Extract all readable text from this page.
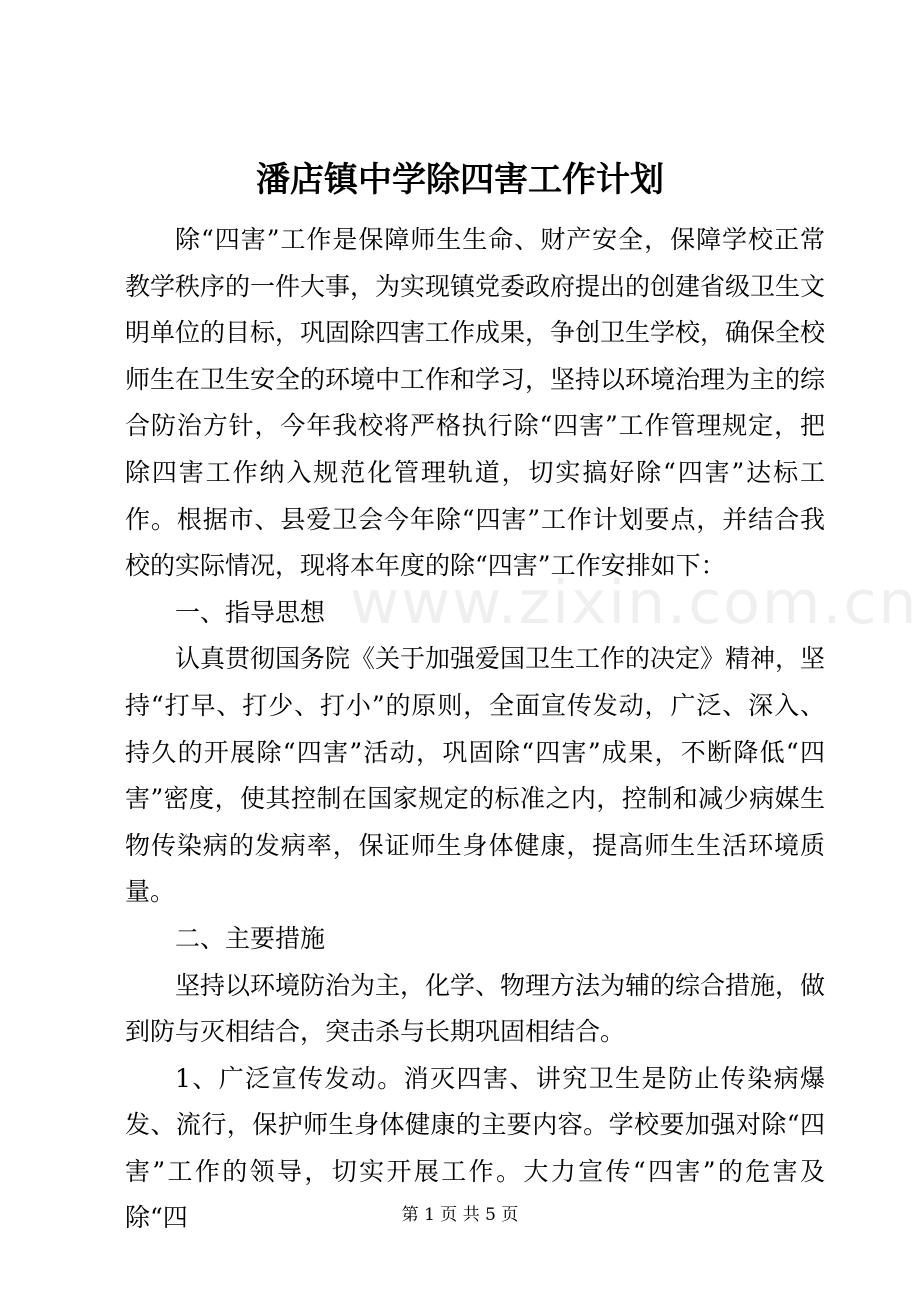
潘店镇中学除四害工作计划

除“四害”工作是保障师生生命、财产安全，保障学校正常教学秩序的一件大事，为实现镇党委政府提出的创建省级卫生文明单位的目标，巩固除四害工作成果，争创卫生学校，确保全校师生在卫生安全的环境中工作和学习，坚持以环境治理为主的综合防治方针，今年我校将严格执行除“四害”工作管理规定，把除四害工作纳入规范化管理轨道，切实搞好除“四害”达标工作。根据市、县爱卫会今年除“四害”工作计划要点，并结合我校的实际情况，现将本年度的除“四害”工作安排如下：

一、指导思想

认真贯彻国务院《关于加强爱国卫生工作的决定》精神，坚持“打早、打少、打小”的原则，全面宣传发动，广泛、深入、持久的开展除“四害”活动，巩固除“四害”成果，不断降低“四害”密度，使其控制在国家规定的标准之内，控制和减少病媒生物传染病的发病率，保证师生身体健康，提高师生生活环境质量。

二、主要措施

坚持以环境防治为主，化学、物理方法为辅的综合措施，做到防与灭相结合，突击杀与长期巩固相结合。

1、广泛宣传发动。消灭四害、讲究卫生是防止传染病爆发、流行，保护师生身体健康的主要内容。学校要加强对除“四害”工作的领导，切实开展工作。大力宣传“四害”的危害及除“四

www.zixin.com.cn
第 1 页 共 5 页
